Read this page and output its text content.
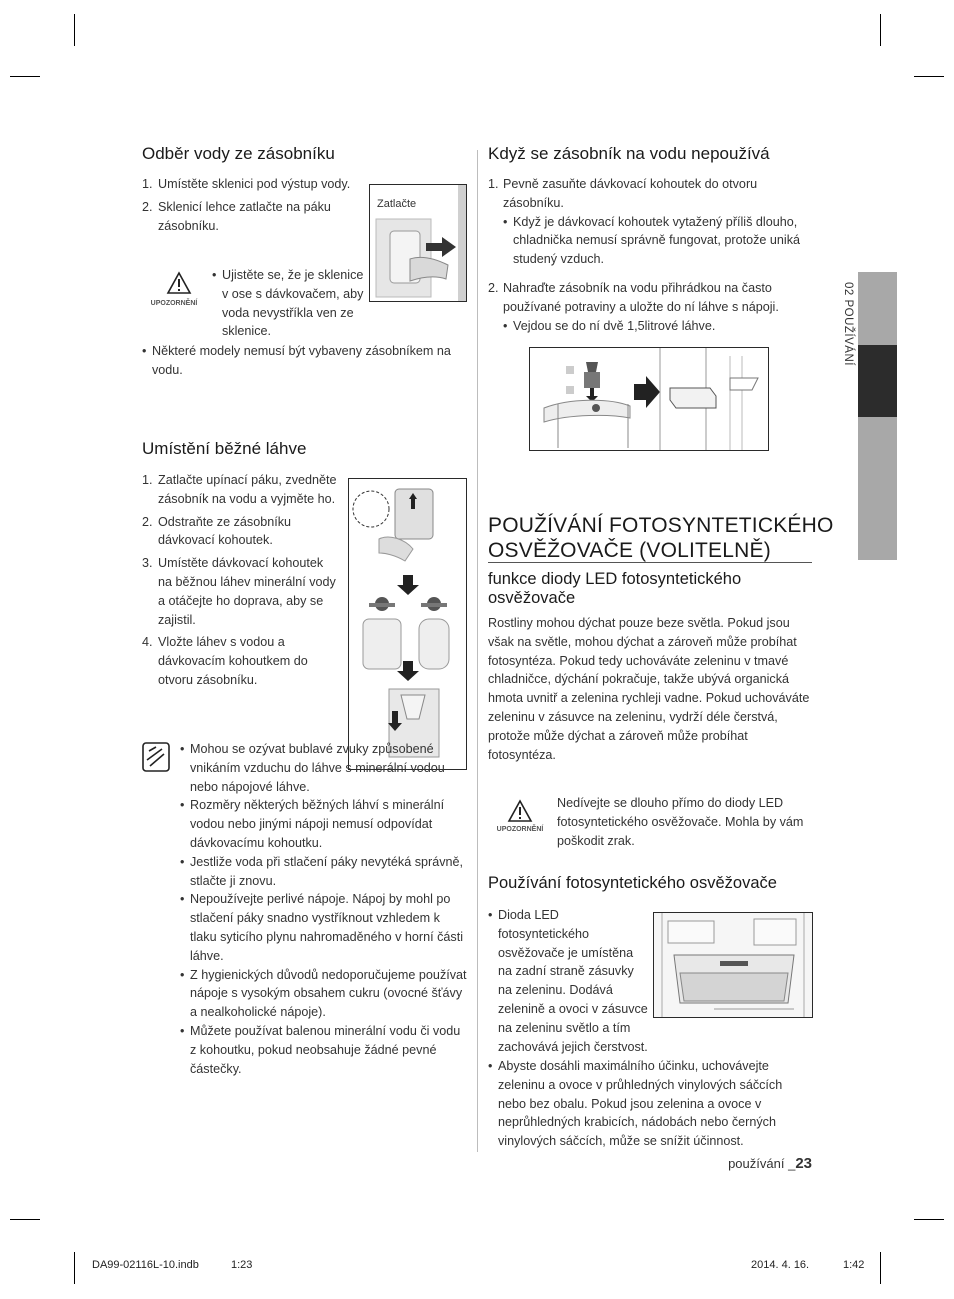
02 POUŽÍVÁNÍ
Odběr vody ze zásobníku
1. Umístěte sklenici pod výstup vody.
2. Sklenicí lehce zatlačte na páku zásobníku.
Zatlačte
UPOZORNĚNÍ
• Ujistěte se, že je sklenice v ose s dávkovačem, aby voda nevystříkla ven ze sklenice.
• Některé modely nemusí být vybaveny zásobníkem na vodu.
Umístění běžné láhve
1. Zatlačte upínací páku, zvedněte zásobník na vodu a vyjměte ho.
2. Odstraňte ze zásobníku dávkovací kohoutek.
3. Umístěte dávkovací kohoutek na běžnou láhev minerální vody a otáčejte ho doprava, aby se zajistil.
4. Vložte láhev s vodou a dávkovacím kohoutkem do otvoru zásobníku.
• Mohou se ozývat bublavé zvuky způsobené vnikáním vzduchu do láhve s minerální vodou nebo nápojové láhve.
• Rozměry některých běžných láhví s minerální vodou nebo jinými nápoji nemusí odpovídat dávkovacímu kohoutku.
• Jestliže voda při stlačení páky nevytéká správně, stlačte ji znovu.
• Nepoužívejte perlivé nápoje. Nápoj by mohl po stlačení páky snadno vystříknout vzhledem k tlaku syticího plynu nahromaděného v horní části láhve.
• Z hygienických důvodů nedoporučujeme používat nápoje s vysokým obsahem cukru (ovocné šťávy a nealkoholické nápoje).
• Můžete používat balenou minerální vodu či vodu z kohoutku, pokud neobsahuje žádné pevné částečky.
Když se zásobník na vodu nepoužívá
1. Pevně zasuňte dávkovací kohoutek do otvoru zásobníku.
• Když je dávkovací kohoutek vytažený příliš dlouho, chladnička nemusí správně fungovat, protože uniká studený vzduch.
2. Nahraďte zásobník na vodu přihrádkou na často používané potraviny a uložte do ní láhve s nápoji.
• Vejdou se do ní dvě 1,5litrové láhve.
POUŽÍVÁNÍ FOTOSYNTETICKÉHO
OSVĚŽOVAČE (VOLITELNĚ)
funkce diody LED fotosyntetického
osvěžovače
Rostliny mohou dýchat pouze beze světla. Pokud jsou však na světle, mohou dýchat a zároveň může probíhat fotosyntéza. Pokud tedy uchováváte zeleninu v tmavé chladničce, dýchání pokračuje, takže ubývá organická hmota uvnitř a zelenina rychleji vadne. Pokud uchováváte zeleninu v zásuvce na zeleninu, vydrží déle čerstvá, protože může dýchat a zároveň může probíhat fotosyntéza.
UPOZORNĚNÍ
Nedívejte se dlouho přímo do diody LED fotosyntetického osvěžovače. Mohla by vám poškodit zrak.
Používání fotosyntetického osvěžovače
• Dioda LED fotosyntetického osvěžovače je umístěna na zadní straně zásuvky na zeleninu. Dodává zelenině a ovoci v zásuvce na zeleninu světlo a tím zachovává jejich čerstvost.
• Abyste dosáhli maximálního účinku, uchovávejte zeleninu a ovoce v průhledných vinylových sáčcích nebo bez obalu. Pokud jsou zelenina a ovoce v neprůhledných krabicích, nádobách nebo černých vinylových sáčcích, může se snížit účinnost.
používání _23
DA99-02116L-10.indb	1:23	2014. 4. 16.	1:42
